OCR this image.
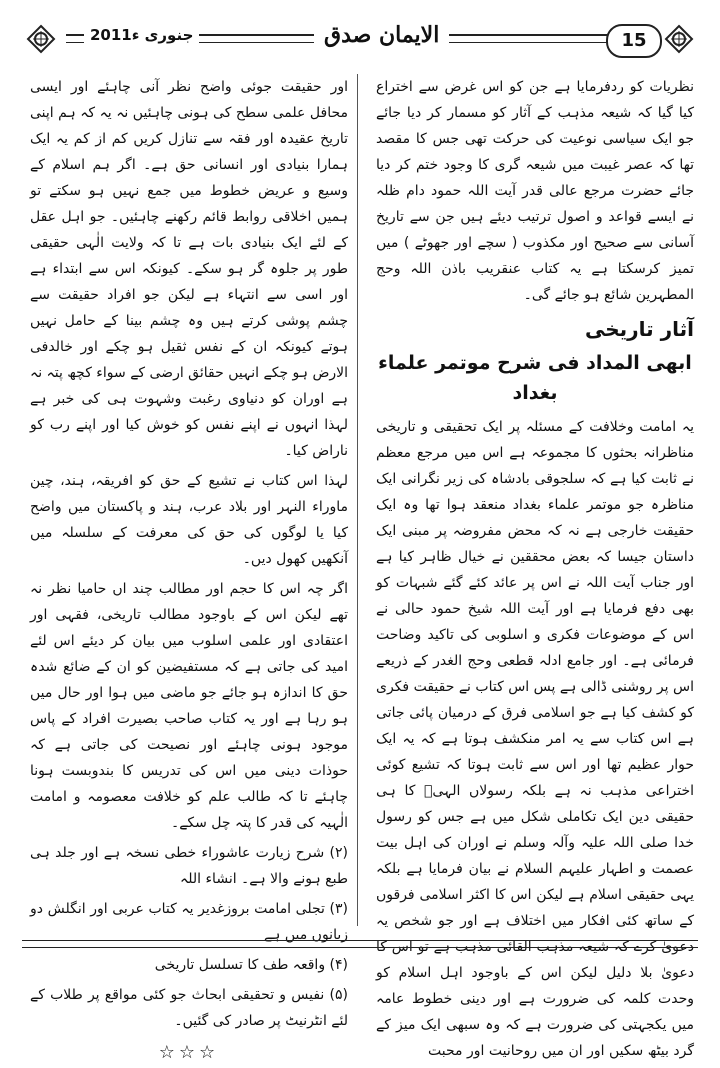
جنوری 2011ء	الایمان صدق	15

نظریات کو ردفرمایا ہے جن کو اس غرض سے اختراع کیا گیا کہ شیعہ مذہب کے آثار کو مسمار کر دیا جائے جو ایک سیاسی نوعیت کی حرکت تھی جس کا مقصد تھا کہ عصر غیبت میں شیعہ گری کا وجود ختم کر دیا جائے حضرت مرجع عالی قدر آیت اللہ حمود دام ظلہ نے ایسے قواعد و اصول ترتیب دیئے ہیں جن سے تاریخ آسانی سے صحیح اور مکذوب ( سچے اور جھوٹے ) میں تمیز کرسکتا ہے یہ کتاب عنقریب باذن اللہ وحج المطہرین شائع ہو جائے گی۔

آثار تاریخی
ابھی المداد فی شرح موتمر علماء بغداد

یہ امامت وخلافت کے مسئلہ پر ایک تحقیقی و تاریخی مناظرانہ بحثوں کا مجموعہ ہے اس میں مرجع معظم نے ثابت کیا ہے کہ سلجوقی بادشاہ کی زیر نگرانی ایک مناظرہ جو موتمر علماء بغداد منعقد ہوا تھا وہ ایک حقیقت خارجی ہے نہ کہ محض مفروضہ پر مبنی ایک داستان جیسا کہ بعض محققین نے خیال ظاہر کیا ہے اور جناب آیت اللہ نے اس پر عائد کئے گئے شبہات کو بھی دفع فرمایا ہے اور آیت اللہ شیخ حمود حالی نے اس کے موضوعات فکری و اسلوبی کی تاکید وضاحت فرمائی ہے۔ اور جامع ادلہ قطعی وحج الغدر کے ذریعے اس پر روشنی ڈالی ہے پس اس کتاب نے حقیقت فکری کو کشف کیا ہے جو اسلامی فرق کے درمیان پائی جاتی ہے اس کتاب سے یہ امر منکشف ہوتا ہے کہ یہ ایک حوار عظیم تھا اور اس سے ثابت ہوتا کہ تشیع کوئی اختراعی مذہب نہ ہے بلکہ رسولاں الہیؑ کا ہی حقیقی دین ایک تکاملی شکل میں ہے جس کو رسول خدا صلی اللہ علیہ وآلہ وسلم نے اوران کی اہل بیت عصمت و اطہار علیہم السلام نے بیان فرمایا ہے بلکہ یہی حقیقی اسلام ہے لیکن اس کا اکثر اسلامی فرقوں کے ساتھ کئی افکار میں اختلاف ہے اور جو شخص یہ دعویٰ کرے کہ شیعہ مذہب القائی مذہب ہے تو اس کا دعویٰ بلا دلیل لیکن اس کے باوجود اہل اسلام کو وحدت کلمہ کی ضرورت ہے اور دینی خطوط عامہ میں یکجہتی کی ضرورت ہے کہ وہ سبھی ایک میز کے گرد بیٹھ سکیں اور ان میں روحانیت اور محبت

اور حقیقت جوئی واضح نظر آنی چاہئے اور ایسی محافل علمی سطح کی ہونی چاہئیں نہ یہ کہ ہم اپنی تاریخ عقیدہ اور فقہ سے تنازل کریں کم از کم یہ ایک ہمارا بنیادی اور انسانی حق ہے۔ اگر ہم اسلام کے وسیع و عریض خطوط میں جمع نہیں ہو سکتے تو ہمیں اخلاقی روابط قائم رکھنے چاہئیں۔ جو اہل عقل کے لئے ایک بنیادی بات ہے تا کہ ولایت الٰہی حقیقی طور پر جلوہ گر ہو سکے۔ کیونکہ اس سے ابتداء ہے اور اسی سے انتہاء ہے لیکن جو افراد حقیقت سے چشم پوشی کرتے ہیں وہ چشم بینا کے حامل نہیں ہوتے کیونکہ ان کے نفس ثقیل ہو چکے اور خالدفی الارض ہو چکے انہیں حقائق ارضی کے سواء کچھ پتہ نہ ہے اوران کو دنیاوی رغبت وشہوت ہی کی خبر ہے لہذا انہوں نے اپنے نفس کو خوش کیا اور اپنے رب کو ناراض کیا۔

لہذا اس کتاب نے تشیع کے حق کو افریقہ، ہند، چین ماوراء النہر اور بلاد عرب، ہند و پاکستان میں واضح کیا یا لوگوں کی حق کی معرفت کے سلسلہ میں آنکھیں کھول دیں۔

اگر چہ اس کا حجم اور مطالب چند اں حامیا نظر نہ تھے لیکن اس کے باوجود مطالب تاریخی، فقہی اور اعتقادی اور علمی اسلوب میں بیان کر دیئے اس لئے امید کی جاتی ہے کہ مستفیضین کو ان کے ضائع شدہ حق کا اندازہ ہو جائے جو ماضی میں ہوا اور حال میں ہو رہا ہے اور یہ کتاب صاحب بصیرت افراد کے پاس موجود ہونی چاہئے اور نصیحت کی جاتی ہے کہ حوذات دینی میں اس کی تدریس کا بندوبست ہونا چاہئے تا کہ طالب علم کو خلافت معصومہ و امامت الٰہیہ کی قدر کا پتہ چل سکے۔

(۲) شرح زیارت عاشوراء خطی نسخہ ہے اور جلد ہی طبع ہونے والا ہے۔ انشاء اللہ

(۳) تجلی امامت بروزغدیر یہ کتاب عربی اور انگلش دو زبانوں میں ہے

(۴) واقعہ طف کا تسلسل تاریخی

(۵) نفیس و تحقیقی ابحاث جو کئی مواقع پر طلاب کے لئے انٹرنیٹ پر صادر کی گئیں۔

☆☆☆
